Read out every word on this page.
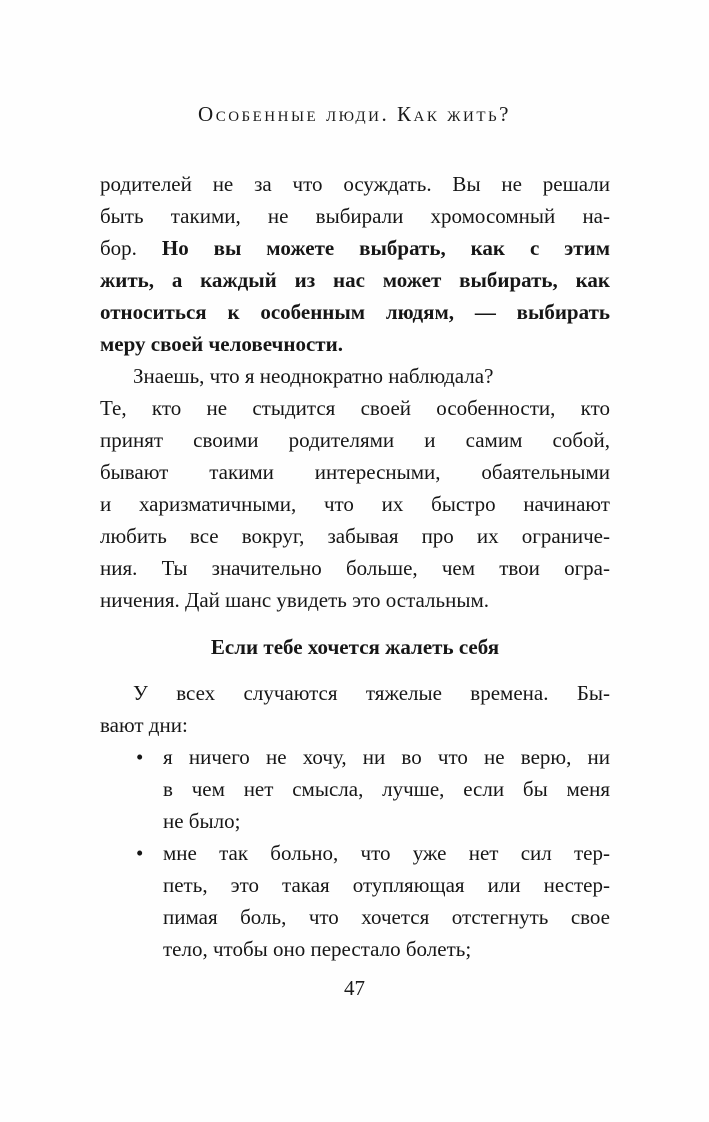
Особенные люди. Как жить?
родителей не за что осуждать. Вы не решали
быть такими, не выбирали хромосомный на-
бор. Но вы можете выбрать, как с этим
жить, а каждый из нас может выбирать, как
относиться к особенным людям, — выбирать
меру своей человечности.
Знаешь, что я неоднократно наблюдала?
Те, кто не стыдится своей особенности, кто
принят своими родителями и самим собой,
бывают такими интересными, обаятельными
и харизматичными, что их быстро начинают
любить все вокруг, забывая про их ограниче-
ния. Ты значительно больше, чем твои огра-
ничения. Дай шанс увидеть это остальным.
Если тебе хочется жалеть себя
У всех случаются тяжелые времена. Бы-
вают дни:
• я ничего не хочу, ни во что не верю, ни
в чем нет смысла, лучше, если бы меня
не было;
• мне так больно, что уже нет сил тер-
петь, это такая отупляющая или нестер-
пимая боль, что хочется отстегнуть свое
тело, чтобы оно перестало болеть;
47
